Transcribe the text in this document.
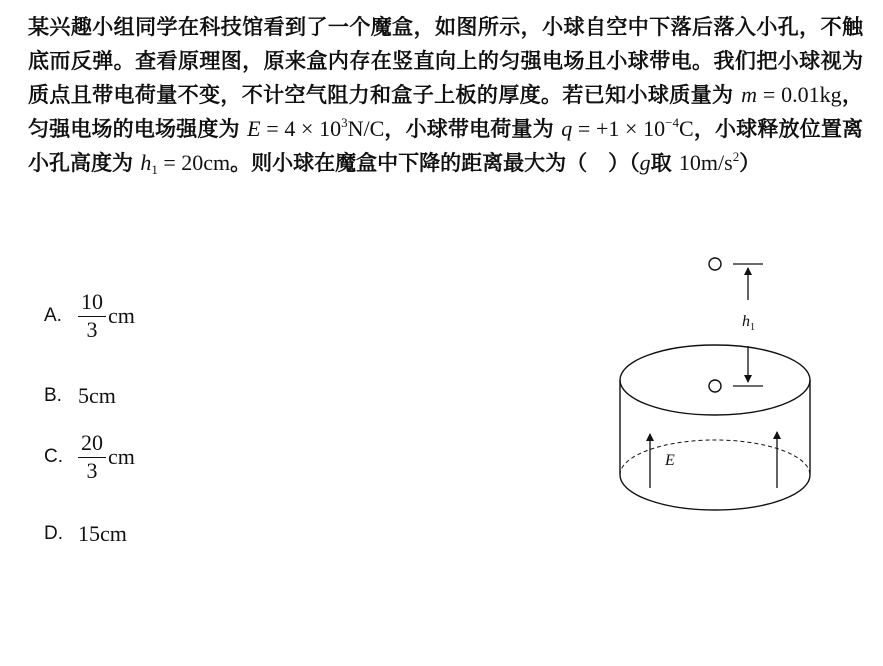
某兴趣小组同学在科技馆看到了一个魔盒，如图所示，小球自空中下落后落入小孔，不触底而反弹。查看原理图，原来盒内存在竖直向上的匀强电场且小球带电。我们把小球视为质点且带电荷量不变，不计空气阻力和盒子上板的厚度。若已知小球质量为 m = 0.01kg，匀强电场的电场强度为 $E = 4 \times 10^3N/C$，小球带电荷量为 $q = +1 \times 10^{-4}C$，小球释放位置离小孔高度为 $h_1 = 20cm$。则小球在魔盒中下降的距离最大为（　）（g取 $10m/s^2$）

A. $\frac{10}{3}$ cm
B. 5cm
C. $\frac{20}{3}$ cm
D. 15cm
$h_1$
E
